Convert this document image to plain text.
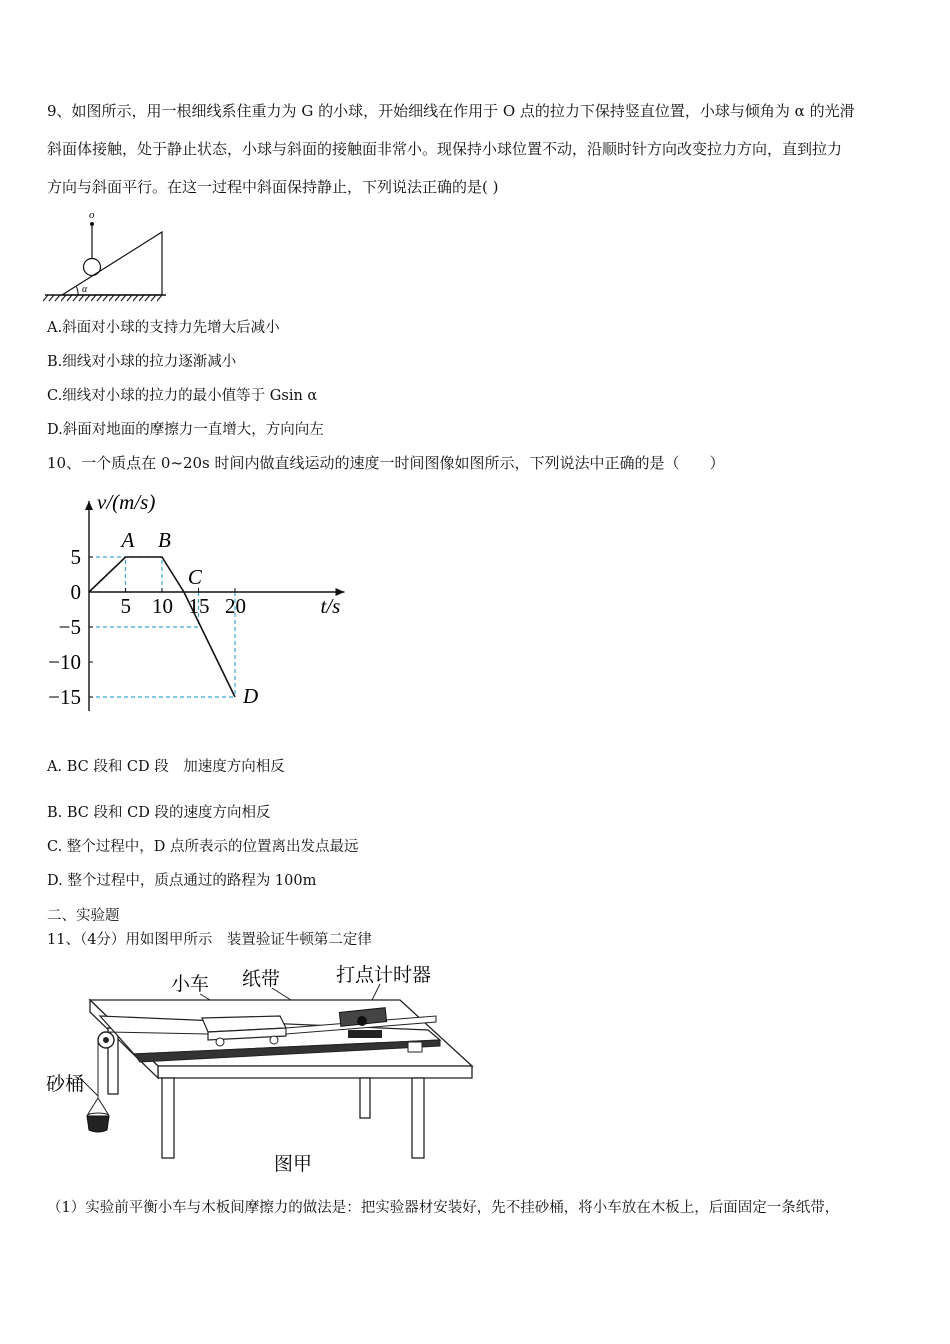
9、如图所示，用一根细线系住重力为 G 的小球，开始细线在作用于 O 点的拉力下保持竖直位置，小球与倾角为 α 的光滑
斜面体接触，处于静止状态，小球与斜面的接触面非常小。现保持小球位置不动，沿顺时针方向改变拉力方向，直到拉力
方向与斜面平行。在这一过程中斜面保持静止，下列说法正确的是( )
o
α
A.斜面对小球的支持力先增大后减小
B.细线对小球的拉力逐渐减小
C.细线对小球的拉力的最小值等于 Gsin α
D.斜面对地面的摩擦力一直增大，方向向左
10、一个质点在 0~20s 时间内做直线运动的速度一时间图像如图所示，下列说法中正确的是（　　）
v/(m/s)
t/s
5 10 15 20
5
0
−5
−10
−15
A B
C
D
A. BC 段和 CD 段　加速度方向相反
B. BC 段和 CD 段的速度方向相反
C. 整个过程中，D 点所表示的位置离出发点最远
D. 整个过程中，质点通过的路程为 100m
二、实验题
11、（4分）用如图甲所示　装置验证牛顿第二定律
小车 纸带	打点计时器
砂桶
图甲
（1）实验前平衡小车与木板间摩擦力的做法是：把实验器材安装好，先不挂砂桶，将小车放在木板上，后面固定一条纸带，
